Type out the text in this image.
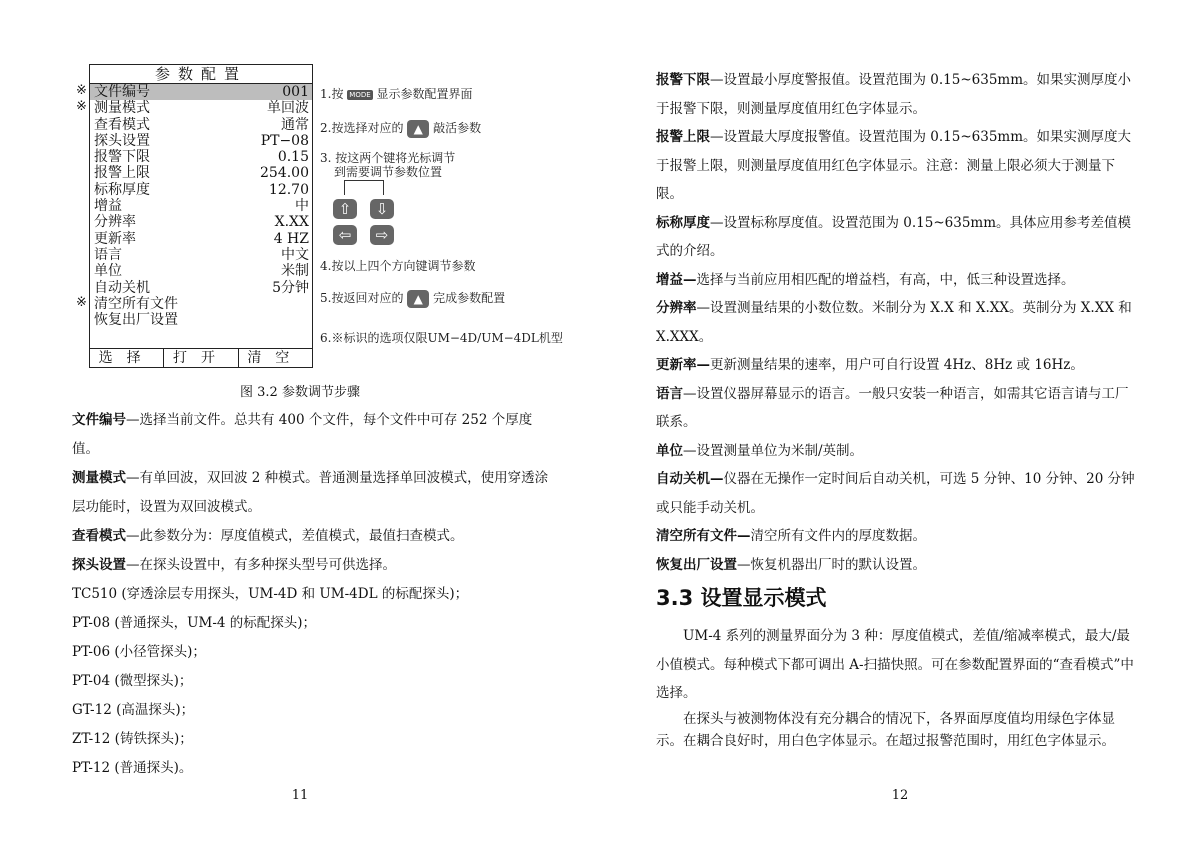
参数配置
文件编号	001
测量模式	单回波
查看模式	通常
探头设置	PT−08
报警下限	0.15
报警上限	254.00
标称厚度	12.70
增益	中
分辨率	X.XX
更新率	4 HZ
语言	中文
单位	米制
自动关机	5分钟
清空所有文件
恢复出厂设置
选择	打开	清空
※
※
※
1.按 MODE 显示参数配置界面
2.按选择对应的 ▲ 敲活参数
3. 按这两个键将光标调节
到需要调节参数位置
⇧	⇩
⇦	⇨
4.按以上四个方向键调节参数
5.按返回对应的 ▲ 完成参数配置
6.※标识的选项仅限UM−4D/UM−4DL机型
图 3.2 参数调节步骤
文件编号—选择当前文件。总共有 400 个文件，每个文件中可存 252 个厚度值。
测量模式—有单回波，双回波 2 种模式。普通测量选择单回波模式，使用穿透涂层功能时，设置为双回波模式。
查看模式—此参数分为：厚度值模式，差值模式，最值扫查模式。
探头设置—在探头设置中，有多种探头型号可供选择。
TC510 (穿透涂层专用探头，UM-4D 和 UM-4DL 的标配探头)；
PT-08 (普通探头，UM-4 的标配探头)；
PT-06 (小径管探头)；
PT-04 (微型探头)；
GT-12 (高温探头)；
ZT-12 (铸铁探头)；
PT-12 (普通探头)。
11
报警下限—设置最小厚度警报值。设置范围为 0.15~635mm。如果实测厚度小于报警下限，则测量厚度值用红色字体显示。
报警上限—设置最大厚度报警值。设置范围为 0.15~635mm。如果实测厚度大于报警上限，则测量厚度值用红色字体显示。注意：测量上限必须大于测量下限。
标称厚度—设置标称厚度值。设置范围为 0.15~635mm。具体应用参考差值模式的介绍。
增益—选择与当前应用相匹配的增益档，有高，中，低三种设置选择。
分辨率—设置测量结果的小数位数。米制分为 X.X 和 X.XX。英制分为 X.XX 和 X.XXX。
更新率—更新测量结果的速率，用户可自行设置 4Hz、8Hz 或 16Hz。
语言—设置仪器屏幕显示的语言。一般只安装一种语言，如需其它语言请与工厂联系。
单位—设置测量单位为米制/英制。
自动关机—仪器在无操作一定时间后自动关机，可选 5 分钟、10 分钟、20 分钟或只能手动关机。
清空所有文件—清空所有文件内的厚度数据。
恢复出厂设置—恢复机器出厂时的默认设置。
3.3 设置显示模式
　　UM-4 系列的测量界面分为 3 种：厚度值模式，差值/缩减率模式，最大/最小值模式。每种模式下都可调出 A-扫描快照。可在参数配置界面的“查看模式”中选择。
　　在探头与被测物体没有充分耦合的情况下，各界面厚度值均用绿色字体显示。在耦合良好时，用白色字体显示。在超过报警范围时，用红色字体显示。
12
